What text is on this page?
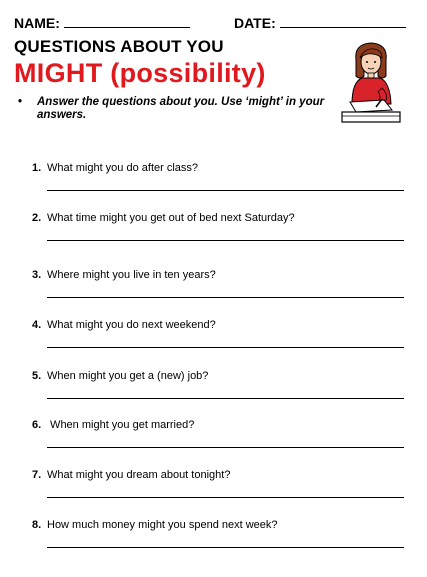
NAME:	DATE:
QUESTIONS ABOUT YOU
MIGHT (possibility)
• Answer the questions about you. Use ‘might’ in your answers.
1. What might you do after class?
2. What time might you get out of bed next Saturday?
3. Where might you live in ten years?
4. What might you do next weekend?
5. When might you get a (new) job?
6. When might you get married?
7. What might you dream about tonight?
8. How much money might you spend next week?
